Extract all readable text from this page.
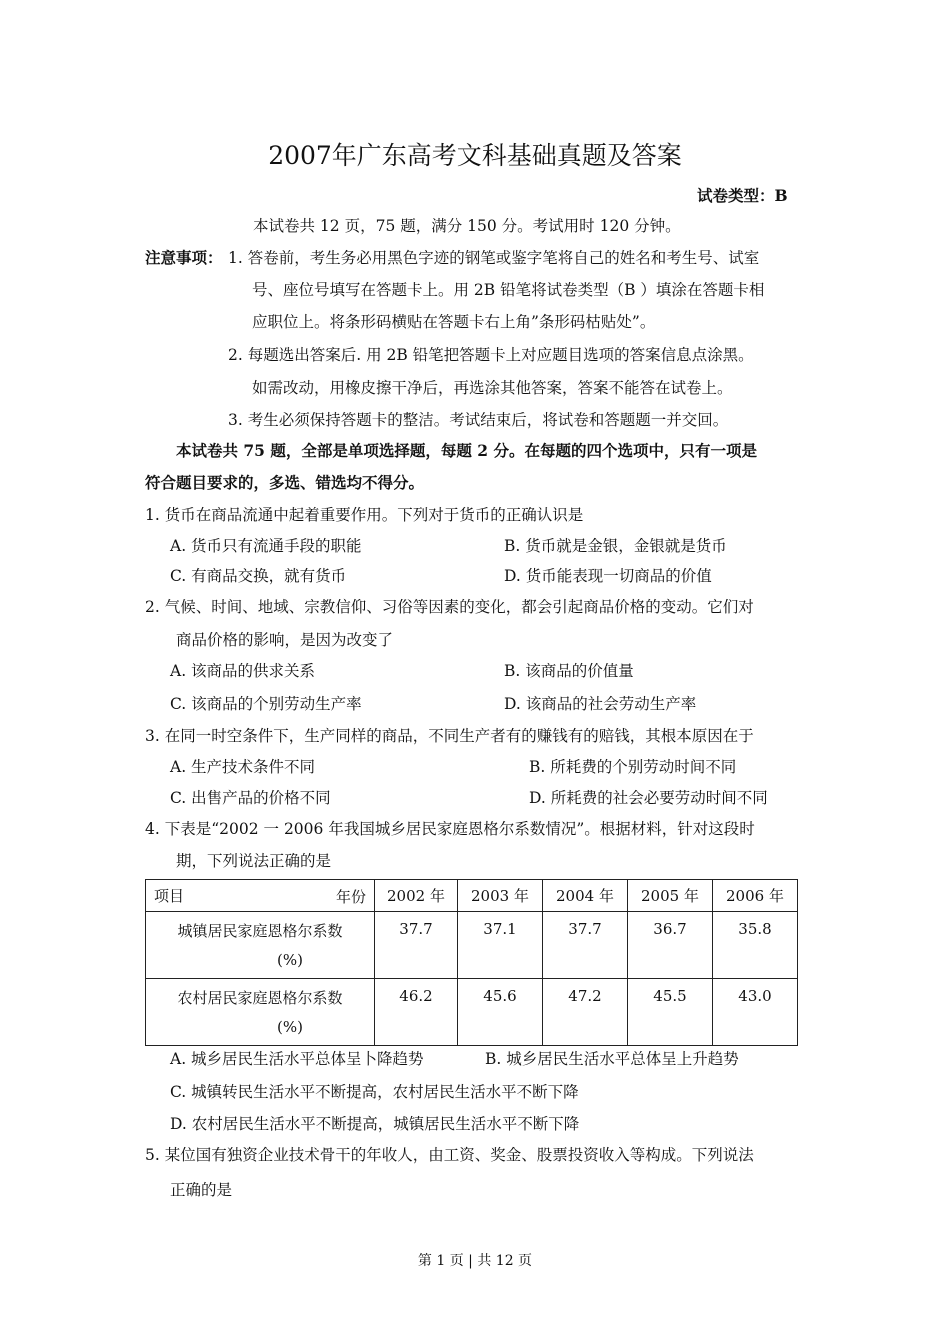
2007年广东高考文科基础真题及答案
试卷类型：B
本试卷共 12 页，75 题，满分 150 分。考试用时 120 分钟。
注意事项： 1. 答卷前，考生务必用黑色字迹的钢笔或鉴字笔将自己的姓名和考生号、试室
号、座位号填写在答题卡上。用 2B 铅笔将试卷类型（B ）填涂在答题卡相
应职位上。将条形码横贴在答题卡右上角”条形码枯贴处”。
2. 每题选出答案后. 用 2B 铅笔把答题卡上对应题目选项的答案信息点涂黑。
如需改动，用橡皮擦干净后，再选涂其他答案，答案不能答在试卷上。
3. 考生必须保持答题卡的整洁。考试结束后，将试卷和答题题一并交回。
本试卷共 75 题，全部是单项选择题，每题 2 分。在每题的四个选项中，只有一项是
符合题目要求的，多选、错选均不得分。
1. 货币在商品流通中起着重要作用。下列对于货币的正确认识是
A. 货币只有流通手段的职能	B. 货币就是金银，金银就是货币
C. 有商品交换，就有货币	D. 货币能表现一切商品的价值
2. 气候、时间、地域、宗教信仰、习俗等因素的变化，都会引起商品价格的变动。它们对
商品价格的影响，是因为改变了
A. 该商品的供求关系	B. 该商品的价值量
C. 该商品的个别劳动生产率	D. 该商品的社会劳动生产率
3. 在同一时空条件下，生产同样的商品，不同生产者有的赚钱有的赔钱，其根本原因在于
A. 生产技术条件不同	B. 所耗费的个别劳动时间不同
C. 出售产品的价格不同	D. 所耗费的社会必要劳动时间不同
4. 下表是“2002 一 2006 年我国城乡居民家庭恩格尔系数情况”。根据材料，针对这段时
期，下列说法正确的是
项目 年份	2002 年	2003 年	2004 年	2005 年	2006 年

城镇居民家庭恩格尔系数
(%)	37.7	37.1	37.7	36.7	35.8

农村居民家庭恩格尔系数
(%)	46.2	45.6	47.2	45.5	43.0
A. 城乡居民生活水平总体呈卜降趋势	B. 城乡居民生活水平总体呈上升趋势
C. 城镇转民生活水平不断提高，农村居民生活水平不断下降
D. 农村居民生活水平不断提高，城镇居民生活水平不断下降
5. 某位国有独资企业技术骨干的年收人，由工资、奖金、股票投资收入等构成。下列说法
正确的是
第 1 页 | 共 12 页
